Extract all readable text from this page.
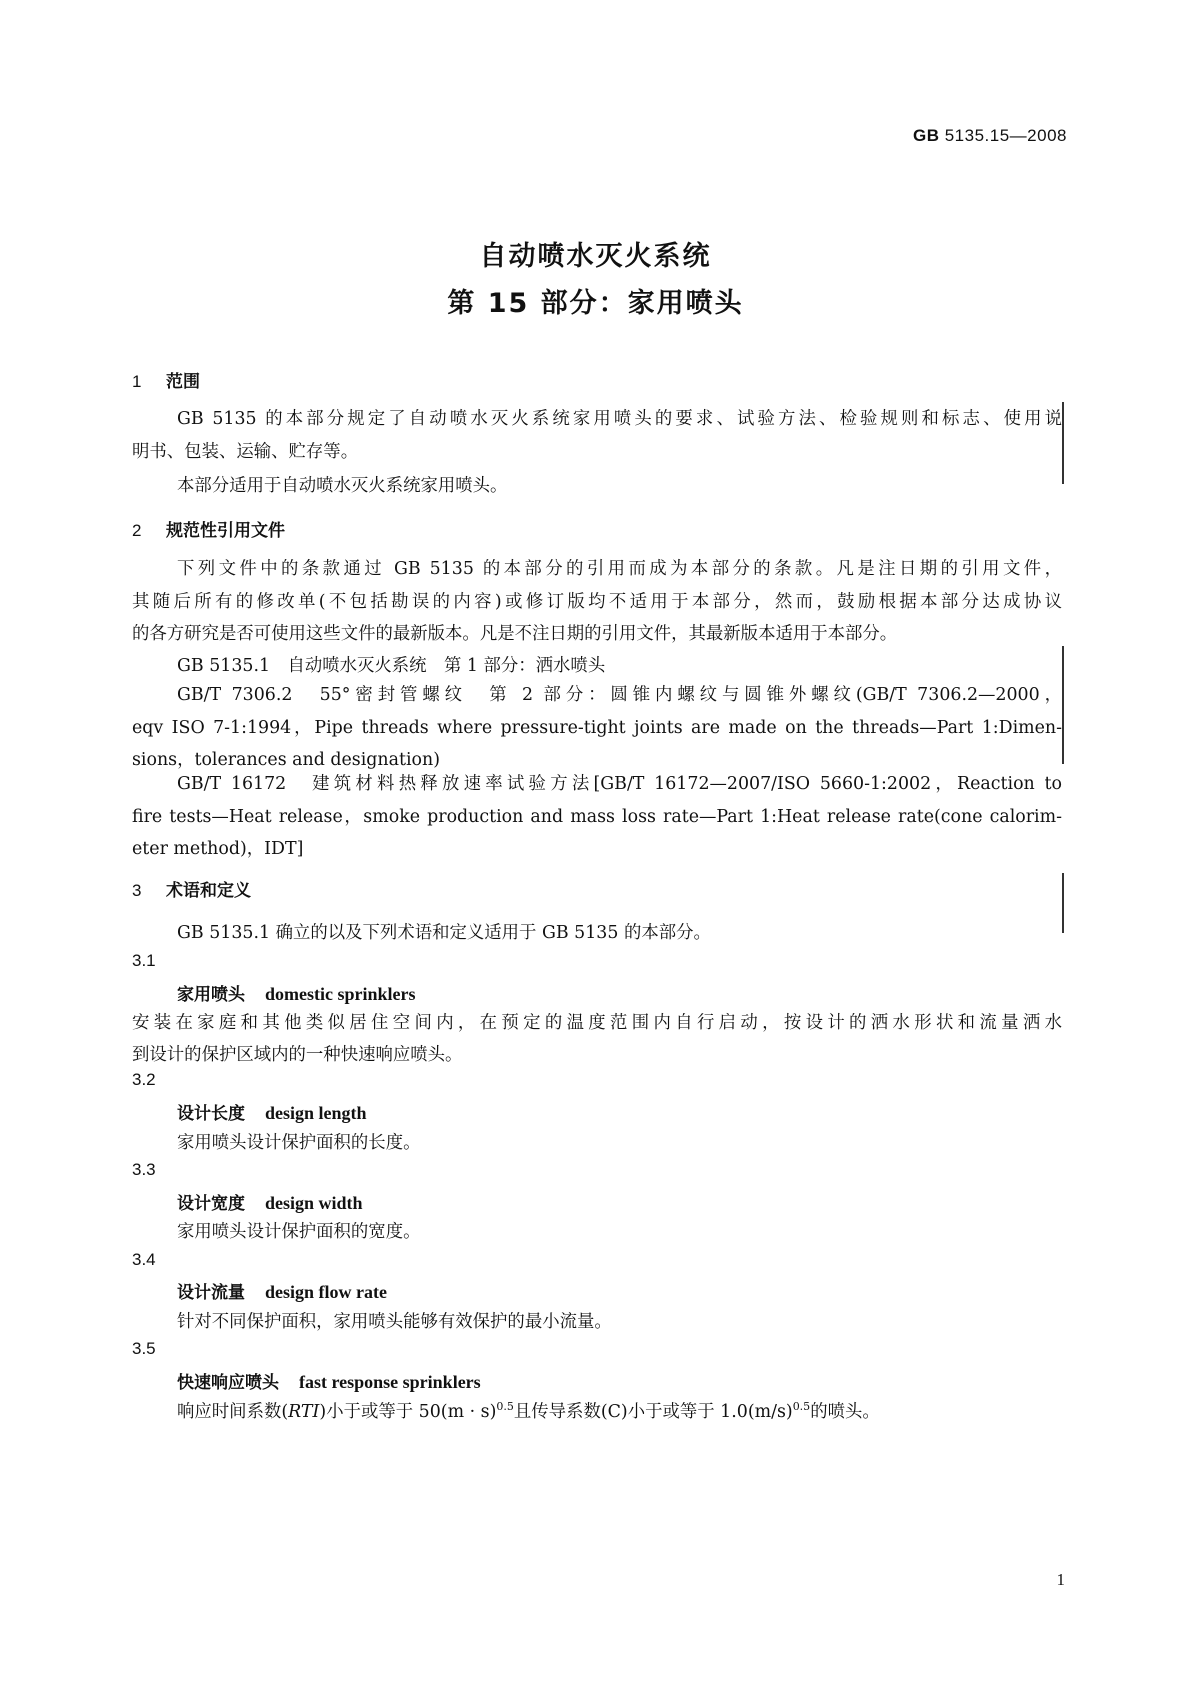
GB 5135.15—2008
自动喷水灭火系统
第 15 部分：家用喷头
1 范围
GB 5135 的本部分规定了自动喷水灭火系统家用喷头的要求、试验方法、检验规则和标志、使用说
明书、包装、运输、贮存等。
本部分适用于自动喷水灭火系统家用喷头。
2 规范性引用文件
下列文件中的条款通过 GB 5135 的本部分的引用而成为本部分的条款。凡是注日期的引用文件，
其随后所有的修改单(不包括勘误的内容)或修订版均不适用于本部分，然而，鼓励根据本部分达成协议
的各方研究是否可使用这些文件的最新版本。凡是不注日期的引用文件，其最新版本适用于本部分。
GB 5135.1　自动喷水灭火系统　第 1 部分：洒水喷头
GB/T 7306.2　55°密封管螺纹　第 2 部分：圆锥内螺纹与圆锥外螺纹(GB/T 7306.2—2000，
eqv ISO 7-1:1994，Pipe threads where pressure-tight joints are made on the threads—Part 1:Dimen-
sions，tolerances and designation)
GB/T 16172　建筑材料热释放速率试验方法[GB/T 16172—2007/ISO 5660-1:2002，Reaction to
fire tests—Heat release，smoke production and mass loss rate—Part 1:Heat release rate(cone calorim-
eter method)，IDT]
3 术语和定义
GB 5135.1 确立的以及下列术语和定义适用于 GB 5135 的本部分。
3.1
家用喷头 domestic sprinklers
安装在家庭和其他类似居住空间内，在预定的温度范围内自行启动，按设计的洒水形状和流量洒水
到设计的保护区域内的一种快速响应喷头。
3.2
设计长度 design length
家用喷头设计保护面积的长度。
3.3
设计宽度 design width
家用喷头设计保护面积的宽度。
3.4
设计流量 design flow rate
针对不同保护面积，家用喷头能够有效保护的最小流量。
3.5
快速响应喷头 fast response sprinklers
响应时间系数(RTI)小于或等于 $50(m \cdot s)^{0.5}$且传导系数(C)小于或等于 $1.0(m/s)^{0.5}$的喷头。
1
